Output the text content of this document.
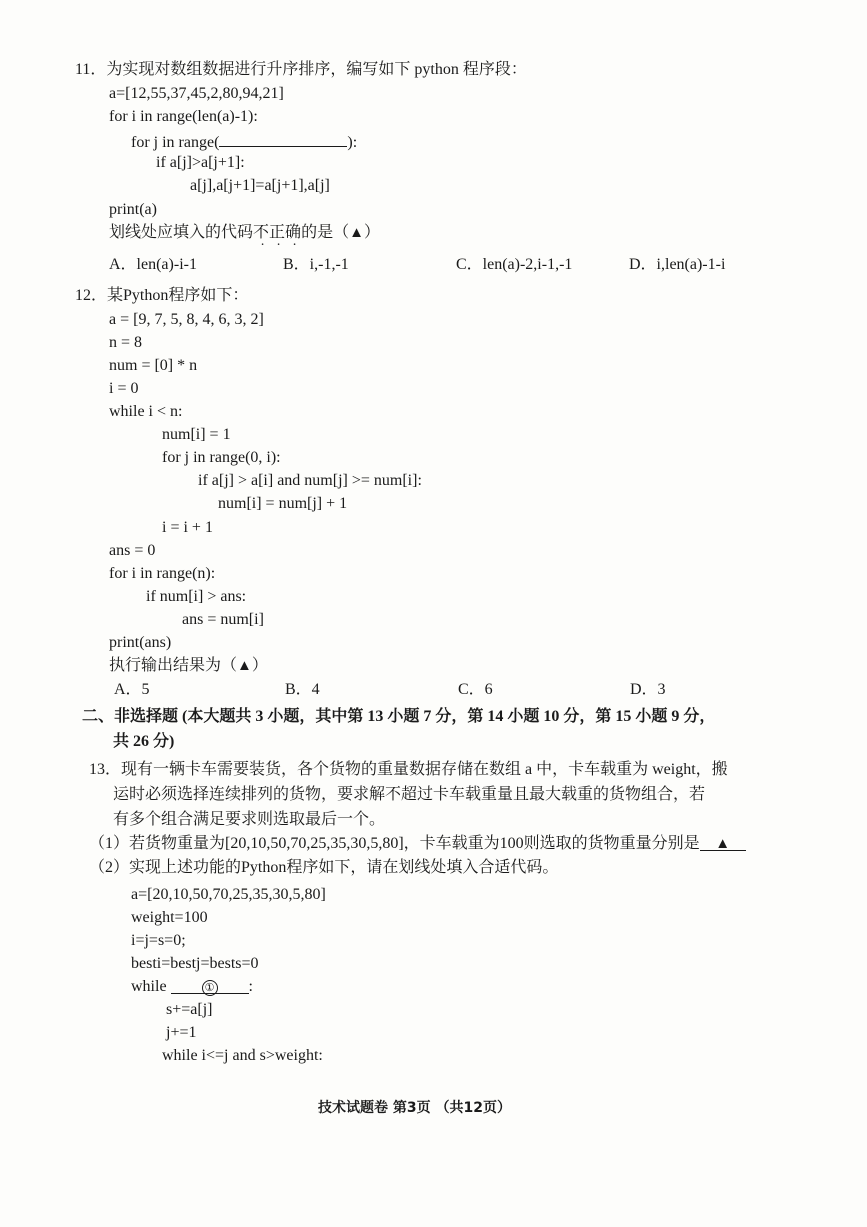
11．为实现对数组数据进行升序排序，编写如下 python 程序段：
a=[12,55,37,45,2,80,94,21]
for i in range(len(a)-1):
for j in range(	):
if a[j]>a[j+1]:
a[j],a[j+1]=a[j+1],a[j]
print(a)
划线处应填入的代码不正确的是（▲）
A．len(a)-i-1	B．i,-1,-1	C．len(a)-2,i-1,-1	D．i,len(a)-1-i
12．某Python程序如下：
a = [9, 7, 5, 8, 4, 6, 3, 2]
n = 8
num = [0] * n
i = 0
while i < n:
num[i] = 1
for j in range(0, i):
if a[j] > a[i] and num[j] >= num[i]:
num[i] = num[j] + 1
i = i + 1
ans = 0
for i in range(n):
if num[i] > ans:
ans = num[i]
print(ans)
执行输出结果为（▲）
A．5	B．4	C．6	D．3
二、非选择题 (本大题共 3 小题，其中第 13 小题 7 分，第 14 小题 10 分，第 15 小题 9 分，
共 26 分)
13．现有一辆卡车需要装货，各个货物的重量数据存储在数组 a 中，卡车载重为 weight，搬
运时必须选择连续排列的货物，要求解不超过卡车载重量且最大载重的货物组合，若
有多个组合满足要求则选取最后一个。
（1）若货物重量为[20,10,50,70,25,35,30,5,80]，卡车载重为100则选取的货物重量分别是 ▲
（2）实现上述功能的Python程序如下，请在划线处填入合适代码。
a=[20,10,50,70,25,35,30,5,80]
weight=100
i=j=s=0;
besti=bestj=bests=0
while	① :
s+=a[j]
j+=1
while i<=j and s>weight:
技术试题卷 第3页 （共12页）
